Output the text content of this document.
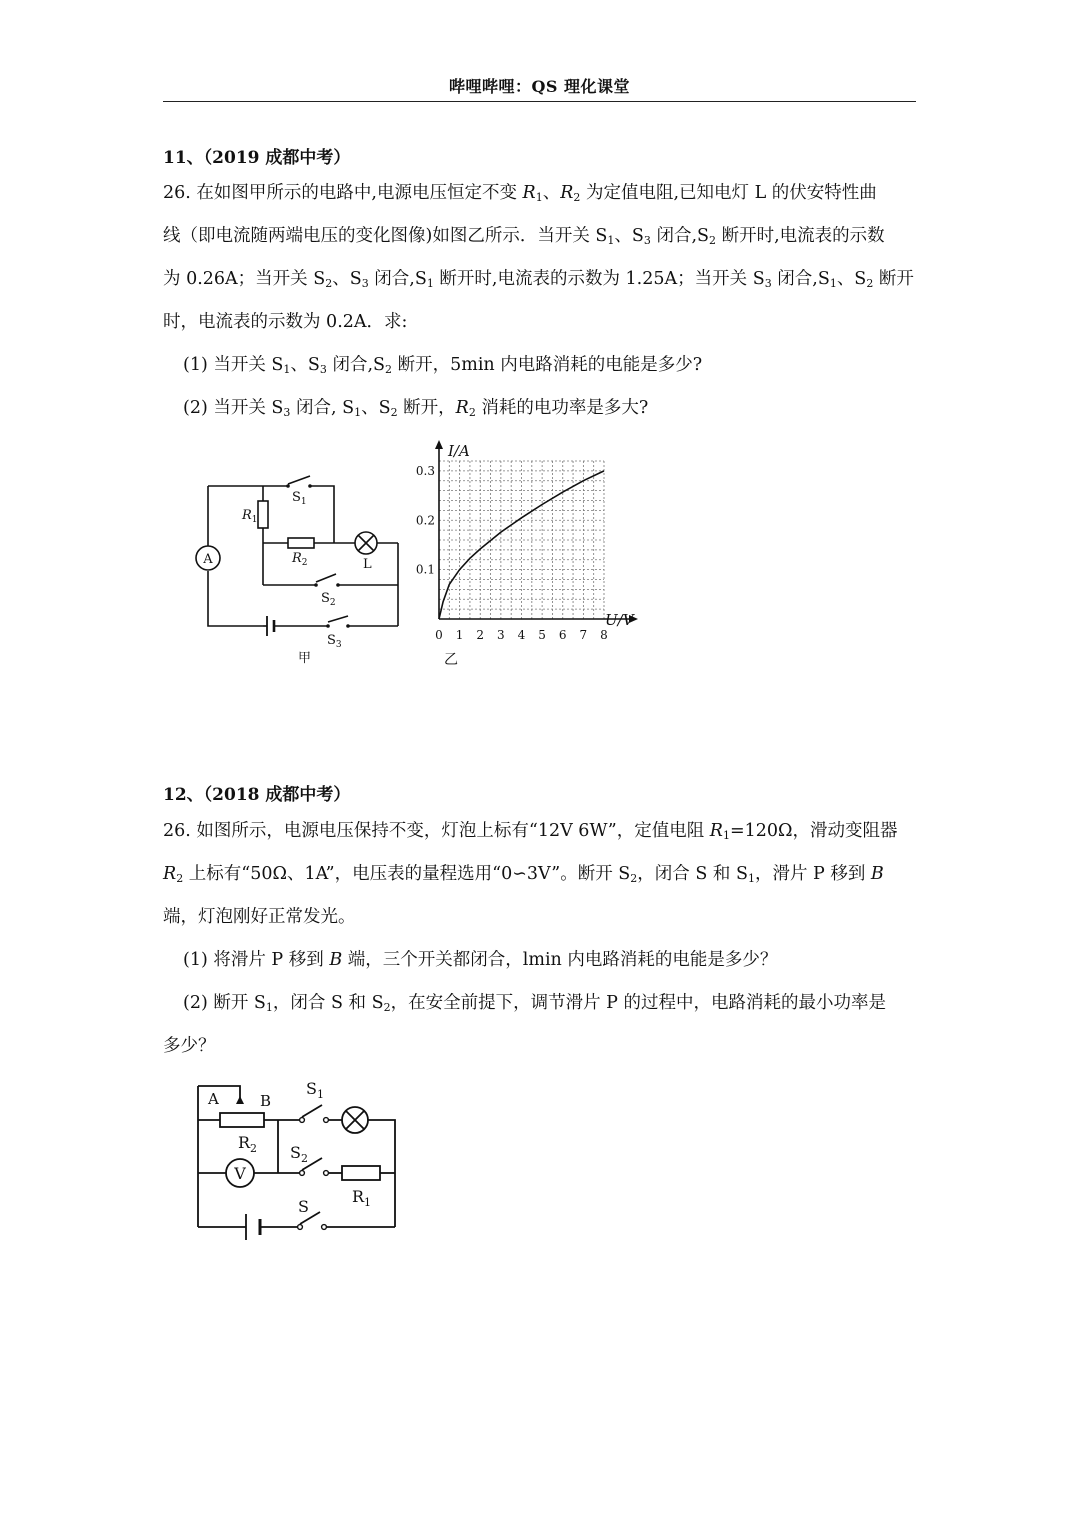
哔哩哔哩：QS 理化课堂
11、（2019 成都中考）
26. 在如图甲所示的电路中,电源电压恒定不变 $R_1$、$R_2$ 为定值电阻,已知电灯 L 的伏安特性曲
线（即电流随两端电压的变化图像)如图乙所示．当开关 $S_1$、$S_3$ 闭合$,S_2$ 断开时,电流表的示数
为 0.26A；当开关 $S_2$、$S_3$ 闭合$,S_1$ 断开时,电流表的示数为 1.25A；当开关 $S_3$ 闭合$,S_1$、$S_2$ 断开
时，电流表的示数为 0.2A．求:
(1) 当开关 $S_1$、$S_3$ 闭合$,S_2$ 断开，5min 内电路消耗的电能是多少?
(2) 当开关 $S_3$ 闭合, $S_1$、$S_2$ 断开，$R_2$ 消耗的电功率是多大?
A
$S_1$
$R_1$
$R_2$	L
$S_2$
$S_3$
甲
0 1 2 3 4 5 6 7 8
0.1
0.2
0.3
I/A
U/V
乙
12、（2018 成都中考）
26. 如图所示，电源电压保持不变，灯泡上标有“12V 6W”，定值电阻 $R_1=120\Omega$，滑动变阻器
$R_2$ 上标有“50Ω、1A”，电压表的量程选用“0∽3V”。断开 $S_2$，闭合 S 和 $S_1$，滑片 P 移到 B
端，灯泡刚好正常发光。
(1) 将滑片 P 移到 B 端，三个开关都闭合，lmin 内电路消耗的电能是多少？
(2) 断开 $S_1$，闭合 S 和 $S_2$，在安全前提下，调节滑片 P 的过程中，电路消耗的最小功率是
多少？
V
A	B
$R_2$
$S_1$
$S_2$
$R_1$
S
